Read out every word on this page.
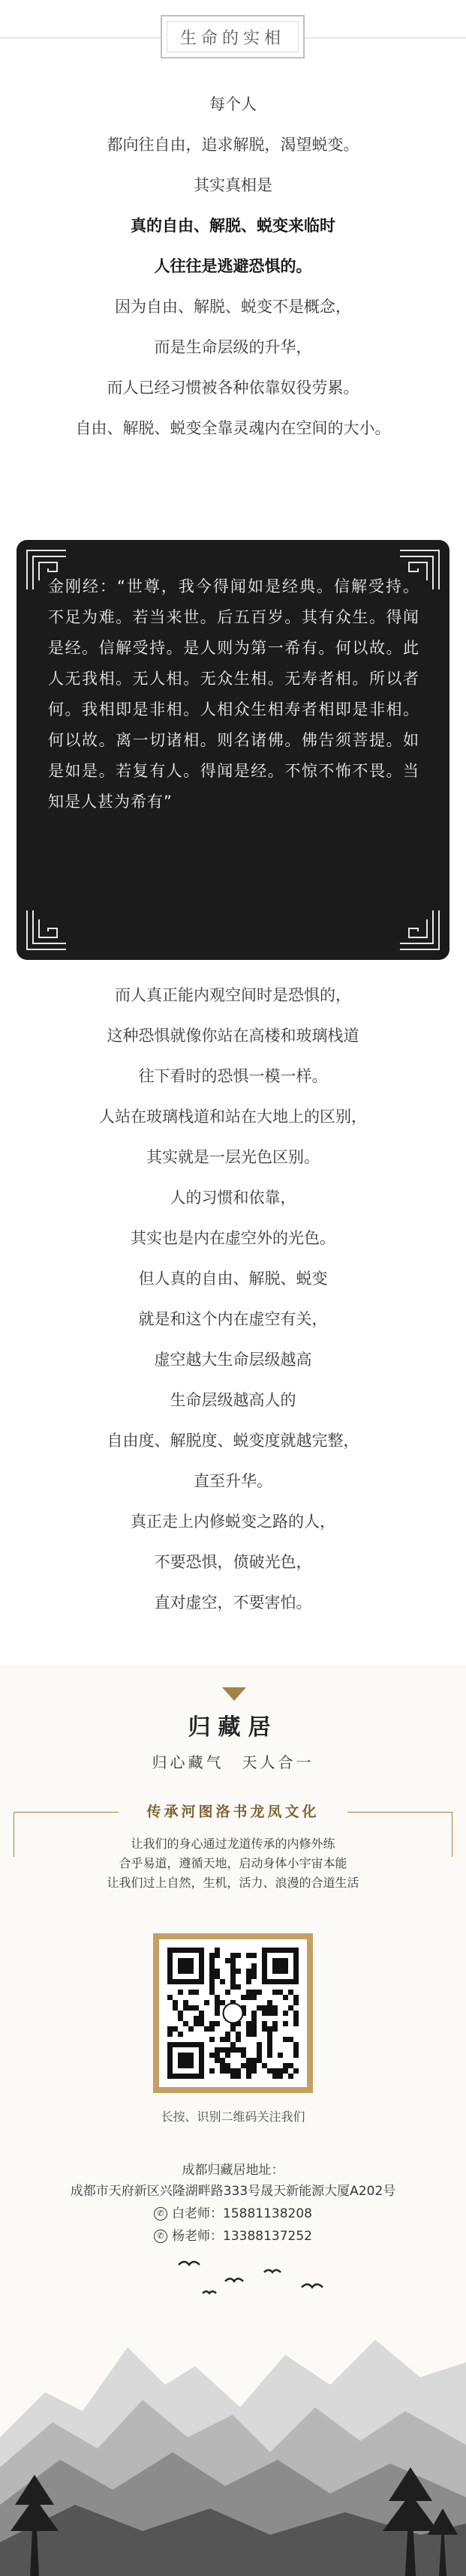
生命的实相

每个人

都向往自由，追求解脱，渴望蜕变。

其实真相是

真的自由、解脱、蜕变来临时

人往往是逃避恐惧的。

因为自由、解脱、蜕变不是概念，

而是生命层级的升华，

而人已经习惯被各种依靠奴役劳累。

自由、解脱、蜕变全靠灵魂内在空间的大小。

金刚经：“世尊，我今得闻如是经典。信解受持。不足为难。若当来世。后五百岁。其有众生。得闻是经。信解受持。是人则为第一希有。何以故。此人无我相。无人相。无众生相。无寿者相。所以者何。我相即是非相。人相众生相寿者相即是非相。何以故。离一切诸相。则名诸佛。佛告须菩提。如是如是。若复有人。得闻是经。不惊不怖不畏。当知是人甚为希有”

而人真正能内观空间时是恐惧的，

这种恐惧就像你站在高楼和玻璃栈道

往下看时的恐惧一模一样。

人站在玻璃栈道和站在大地上的区别，

其实就是一层光色区别。

人的习惯和依靠，

其实也是内在虚空外的光色。

但人真的自由、解脱、蜕变

就是和这个内在虚空有关，

虚空越大生命层级越高

生命层级越高人的

自由度、解脱度、蜕变度就越完整，

直至升华。

真正走上内修蜕变之路的人，

不要恐惧，偾破光色，

直对虚空，不要害怕。

归藏居
归心藏气　天人合一
传承河图洛书龙凤文化
让我们的身心通过龙道传承的内修外练
合乎易道，遵循天地，启动身体小宇宙本能
让我们过上自然，生机，活力、浪漫的合道生活
长按、识别二维码关注我们
成都归藏居地址：
成都市天府新区兴隆湖畔路333号晟天新能源大厦A202号
✆ 白老师：15881138208
✆ 杨老师：13388137252
